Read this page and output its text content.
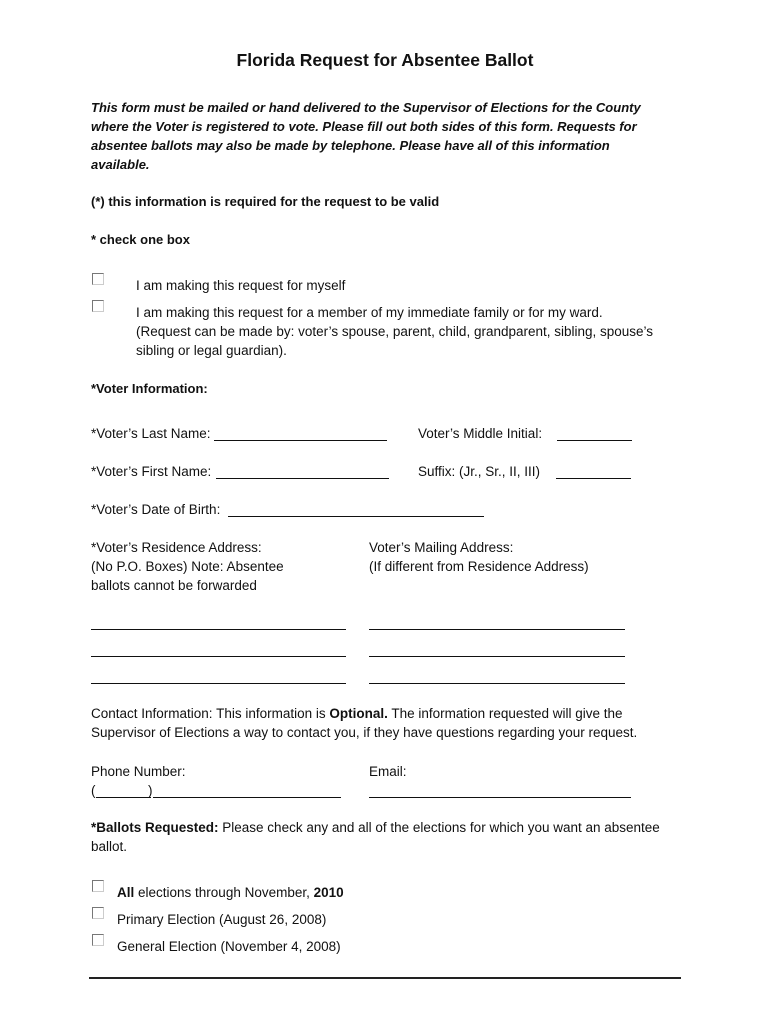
Florida Request for Absentee Ballot
This form must be mailed or hand delivered to the Supervisor of Elections for the County where the Voter is registered to vote. Please fill out both sides of this form. Requests for absentee ballots may also be made by telephone. Please have all of this information available.
(*) this information is required for the request to be valid
* check one box
I am making this request for myself
I am making this request for a member of my immediate family or for my ward.
(Request can be made by: voter’s spouse, parent, child, grandparent, sibling, spouse’s
sibling or legal guardian).
*Voter Information:
*Voter’s Last Name:	Voter’s Middle Initial:
*Voter’s First Name:	Suffix: (Jr., Sr., II, III)
*Voter’s Date of Birth:
*Voter’s Residence Address:
(No P.O. Boxes) Note: Absentee
ballots cannot be forwarded
Voter’s Mailing Address:
(If different from Residence Address)
Contact Information: This information is Optional. The information requested will give the
Supervisor of Elections a way to contact you, if they have questions regarding your request.
Phone Number:
(	)
Email:
*Ballots Requested: Please check any and all of the elections for which you want an absentee
ballot.
All elections through November, 2010
Primary Election (August 26, 2008)
General Election (November 4, 2008)
